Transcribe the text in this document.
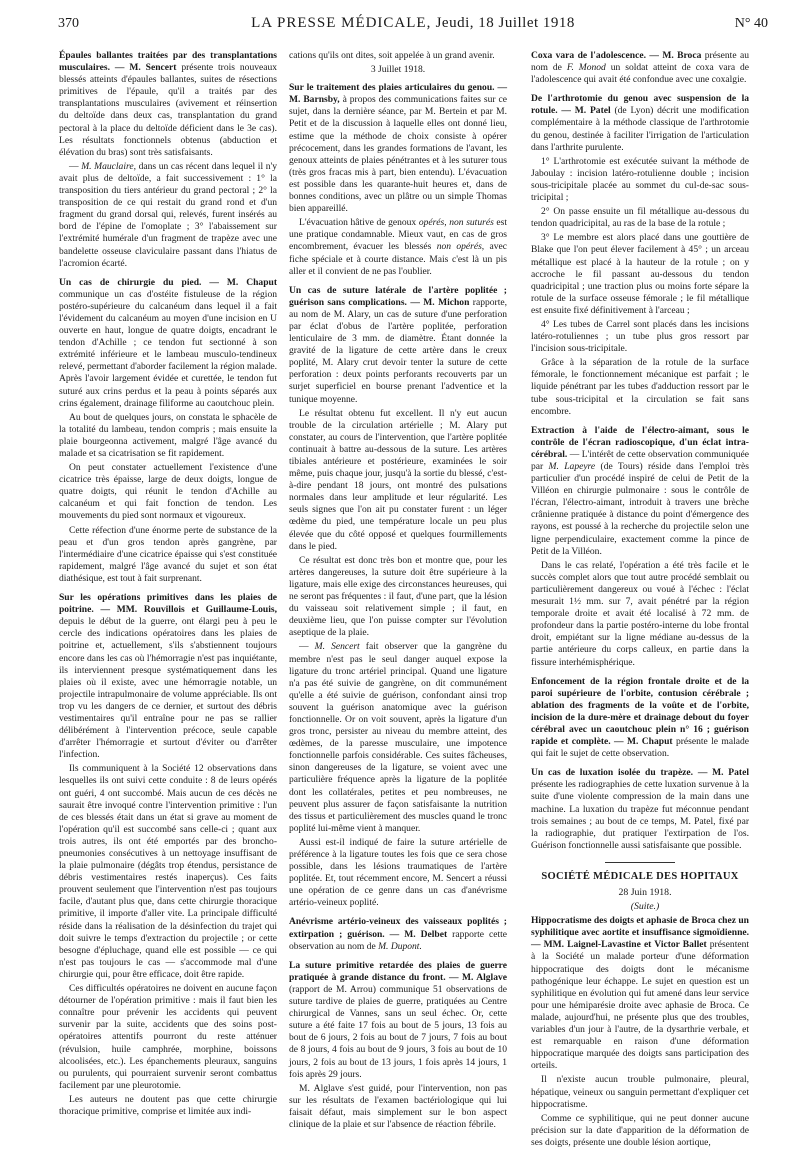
370	LA PRESSE MÉDICALE, Jeudi, 18 Juillet 1918	N° 40

Épaules ballantes traitées par des transplantations musculaires. — M. Sencert présente trois nouveaux blessés atteints d'épaules ballantes, suites de résections primitives de l'épaule, qu'il a traités par des transplantations musculaires (avivement et réinsertion du deltoïde dans deux cas, transplantation du grand pectoral à la place du deltoïde déficient dans le 3e cas). Les résultats fonctionnels obtenus (abduction et élévation du bras) sont très satisfaisants.

— M. Mauclaire, dans un cas récent dans lequel il n'y avait plus de deltoïde, a fait successivement : 1° la transposition du tiers antérieur du grand pectoral ; 2° la transposition de ce qui restait du grand rond et d'un fragment du grand dorsal qui, relevés, furent insérés au bord de l'épine de l'omoplate ; 3° l'abaissement sur l'extrémité humérale d'un fragment de trapèze avec une bandelette osseuse claviculaire passant dans l'hiatus de l'acromion écarté.

Un cas de chirurgie du pied. — M. Chaput communique un cas d'ostéite fistuleuse de la région postéro-supérieure du calcanéum dans lequel il a fait l'évidement du calcanéum au moyen d'une incision en U ouverte en haut, longue de quatre doigts, encadrant le tendon d'Achille ; ce tendon fut sectionné à son extrémité inférieure et le lambeau musculo-tendineux relevé, permettant d'aborder facilement la région malade. Après l'avoir largement évidée et curettée, le tendon fut suturé aux crins perdus et la peau à points séparés aux crins également, drainage filiforme au caoutchouc plein.

Au bout de quelques jours, on constata le sphacèle de la totalité du lambeau, tendon compris ; mais ensuite la plaie bourgeonna activement, malgré l'âge avancé du malade et sa cicatrisation se fit rapidement.

On peut constater actuellement l'existence d'une cicatrice très épaisse, large de deux doigts, longue de quatre doigts, qui réunit le tendon d'Achille au calcanéum et qui fait fonction de tendon. Les mouvements du pied sont normaux et vigoureux.

Cette réfection d'une énorme perte de substance de la peau et d'un gros tendon après gangrène, par l'intermédiaire d'une cicatrice épaisse qui s'est constituée rapidement, malgré l'âge avancé du sujet et son état diathésique, est tout à fait surprenant.

Sur les opérations primitives dans les plaies de poitrine. — MM. Rouvillois et Guillaume-Louis, depuis le début de la guerre, ont élargi peu à peu le cercle des indications opératoires dans les plaies de poitrine et, actuellement, s'ils s'abstiennent toujours encore dans les cas où l'hémorragie n'est pas inquiétante, ils interviennent presque systématiquement dans les plaies où il existe, avec une hémorragie notable, un projectile intrapulmonaire de volume appréciable. Ils ont trop vu les dangers de ce dernier, et surtout des débris vestimentaires qu'il entraîne pour ne pas se rallier délibérément à l'intervention précoce, seule capable d'arrêter l'hémorragie et surtout d'éviter ou d'arrêter l'infection.

Ils communiquent à la Société 12 observations dans lesquelles ils ont suivi cette conduite : 8 de leurs opérés ont guéri, 4 ont succombé. Mais aucun de ces décès ne saurait être invoqué contre l'intervention primitive : l'un de ces blessés était dans un état si grave au moment de l'opération qu'il est succombé sans celle-ci ; quant aux trois autres, ils ont été emportés par des broncho-pneumonies consécutives à un nettoyage insuffisant de la plaie pulmonaire (dégâts trop étendus, persistance de débris vestimentaires restés inaperçus). Ces faits prouvent seulement que l'intervention n'est pas toujours facile, d'autant plus que, dans cette chirurgie thoracique primitive, il importe d'aller vite. La principale difficulté réside dans la réalisation de la désinfection du trajet qui doit suivre le temps d'extraction du projectile ; or cette besogne d'épluchage, quand elle est possible — ce qui n'est pas toujours le cas — s'accommode mal d'une chirurgie qui, pour être efficace, doit être rapide.

Ces difficultés opératoires ne doivent en aucune façon détourner de l'opération primitive : mais il faut bien les connaître pour prévenir les accidents qui peuvent survenir par la suite, accidents que des soins post-opératoires attentifs pourront du reste atténuer (révulsion, huile camphrée, morphine, boissons alcoolisées, etc.). Les épanchements pleuraux, sanguins ou purulents, qui pourraient survenir seront combattus facilement par une pleurotomie.

Les auteurs ne doutent pas que cette chirurgie thoracique primitive, comprise et limitée aux indi-

cations qu'ils ont dites, soit appelée à un grand avenir.

3 Juillet 1918.

Sur le traitement des plaies articulaires du genou. — M. Barnsby, à propos des communications faites sur ce sujet, dans la dernière séance, par M. Bertein et par M. Petit et de la discussion à laquelle elles ont donné lieu, estime que la méthode de choix consiste à opérer précocement, dans les grandes formations de l'avant, les genoux atteints de plaies pénétrantes et à les suturer tous (très gros fracas mis à part, bien entendu). L'évacuation est possible dans les quarante-huit heures et, dans de bonnes conditions, avec un plâtre ou un simple Thomas bien appareillé.

L'évacuation hâtive de genoux opérés, non suturés est une pratique condamnable. Mieux vaut, en cas de gros encombrement, évacuer les blessés non opérés, avec fiche spéciale et à courte distance. Mais c'est là un pis aller et il convient de ne pas l'oublier.

Un cas de suture latérale de l'artère poplitée ; guérison sans complications. — M. Michon rapporte, au nom de M. Alary, un cas de suture d'une perforation par éclat d'obus de l'artère poplitée, perforation lenticulaire de 3 mm. de diamètre. Étant donnée la gravité de la ligature de cette artère dans le creux poplité, M. Alary crut devoir tenter la suture de cette perforation : deux points perforants recouverts par un surjet superficiel en bourse prenant l'adventice et la tunique moyenne.

Le résultat obtenu fut excellent. Il n'y eut aucun trouble de la circulation artérielle ; M. Alary put constater, au cours de l'intervention, que l'artère poplitée continuait à battre au-dessous de la suture. Les artères tibiales antérieure et postérieure, examinées le soir même, puis chaque jour, jusqu'à la sortie du blessé, c'est-à-dire pendant 18 jours, ont montré des pulsations normales dans leur amplitude et leur régularité. Les seuls signes que l'on ait pu constater furent : un léger œdème du pied, une température locale un peu plus élevée que du côté opposé et quelques fourmillements dans le pied.

Ce résultat est donc très bon et montre que, pour les artères dangereuses, la suture doit être supérieure à la ligature, mais elle exige des circonstances heureuses, qui ne seront pas fréquentes : il faut, d'une part, que la lésion du vaisseau soit relativement simple ; il faut, en deuxième lieu, que l'on puisse compter sur l'évolution aseptique de la plaie.

— M. Sencert fait observer que la gangrène du membre n'est pas le seul danger auquel expose la ligature du tronc artériel principal. Quand une ligature n'a pas été suivie de gangrène, on dit communément qu'elle a été suivie de guérison, confondant ainsi trop souvent la guérison anatomique avec la guérison fonctionnelle. Or on voit souvent, après la ligature d'un gros tronc, persister au niveau du membre atteint, des œdèmes, de la paresse musculaire, une impotence fonctionnelle parfois considérable. Ces suites fâcheuses, sinon dangereuses de la ligature, se voient avec une particulière fréquence après la ligature de la poplitée dont les collatérales, petites et peu nombreuses, ne peuvent plus assurer de façon satisfaisante la nutrition des tissus et particulièrement des muscles quand le tronc poplité lui-même vient à manquer.

Aussi est-il indiqué de faire la suture artérielle de préférence à la ligature toutes les fois que ce sera chose possible, dans les lésions traumatiques de l'artère poplitée. Et, tout récemment encore, M. Sencert a réussi une opération de ce genre dans un cas d'anévrisme artério-veineux poplité.

Anévrisme artério-veineux des vaisseaux poplités ; extirpation ; guérison. — M. Delbet rapporte cette observation au nom de M. Dupont.

La suture primitive retardée des plaies de guerre pratiquée à grande distance du front. — M. Alglave (rapport de M. Arrou) communique 51 observations de suture tardive de plaies de guerre, pratiquées au Centre chirurgical de Vannes, sans un seul échec. Or, cette suture a été faite 17 fois au bout de 5 jours, 13 fois au bout de 6 jours, 2 fois au bout de 7 jours, 7 fois au bout de 8 jours, 4 fois au bout de 9 jours, 3 fois au bout de 10 jours, 2 fois au bout de 13 jours, 1 fois après 14 jours, 1 fois après 29 jours.

M. Alglave s'est guidé, pour l'intervention, non pas sur les résultats de l'examen bactériologique qui lui faisait défaut, mais simplement sur le bon aspect clinique de la plaie et sur l'absence de réaction fébrile.

Coxa vara de l'adolescence. — M. Broca présente au nom de F. Monod un soldat atteint de coxa vara de l'adolescence qui avait été confondue avec une coxalgie.

De l'arthrotomie du genou avec suspension de la rotule. — M. Patel (de Lyon) décrit une modification complémentaire à la méthode classique de l'arthrotomie du genou, destinée à faciliter l'irrigation de l'articulation dans l'arthrite purulente.

1° L'arthrotomie est exécutée suivant la méthode de Jaboulay : incision latéro-rotulienne double ; incision sous-tricipitale placée au sommet du cul-de-sac sous-tricipital ;

2° On passe ensuite un fil métallique au-dessous du tendon quadricipital, au ras de la base de la rotule ;

3° Le membre est alors placé dans une gouttière de Blake que l'on peut élever facilement à 45° ; un arceau métallique est placé à la hauteur de la rotule ; on y accroche le fil passant au-dessous du tendon quadricipital ; une traction plus ou moins forte sépare la rotule de la surface osseuse fémorale ; le fil métallique est ensuite fixé définitivement à l'arceau ;

4° Les tubes de Carrel sont placés dans les incisions latéro-rotuliennes ; un tube plus gros ressort par l'incision sous-tricipitale.

Grâce à la séparation de la rotule de la surface fémorale, le fonctionnement mécanique est parfait ; le liquide pénétrant par les tubes d'adduction ressort par le tube sous-tricipital et la circulation se fait sans encombre.

Extraction à l'aide de l'électro-aimant, sous le contrôle de l'écran radioscopique, d'un éclat intra-cérébral. — L'intérêt de cette observation communiquée par M. Lapeyre (de Tours) réside dans l'emploi très particulier d'un procédé inspiré de celui de Petit de la Villéon en chirurgie pulmonaire : sous le contrôle de l'écran, l'électro-aimant, introduit à travers une brèche crânienne pratiquée à distance du point d'émergence des rayons, est poussé à la recherche du projectile selon une ligne perpendiculaire, exactement comme la pince de Petit de la Villéon.

Dans le cas relaté, l'opération a été très facile et le succès complet alors que tout autre procédé semblait ou particulièrement dangereux ou voué à l'échec : l'éclat mesurait 1½ mm. sur 7, avait pénétré par la région temporale droite et avait été localisé à 72 mm. de profondeur dans la partie postéro-interne du lobe frontal droit, empiétant sur la ligne médiane au-dessus de la partie antérieure du corps calleux, en partie dans la fissure interhémisphérique.

Enfoncement de la région frontale droite et de la paroi supérieure de l'orbite, contusion cérébrale ; ablation des fragments de la voûte et de l'orbite, incision de la dure-mère et drainage debout du foyer cérébral avec un caoutchouc plein n° 16 ; guérison rapide et complète. — M. Chaput présente le malade qui fait le sujet de cette observation.

Un cas de luxation isolée du trapèze. — M. Patel présente les radiographies de cette luxation survenue à la suite d'une violente compression de la main dans une machine. La luxation du trapèze fut méconnue pendant trois semaines ; au bout de ce temps, M. Patel, fixé par la radiographie, dut pratiquer l'extirpation de l'os. Guérison fonctionnelle aussi satisfaisante que possible.

SOCIÉTÉ MÉDICALE DES HOPITAUX

28 Juin 1918.

(Suite.)

Hippocratisme des doigts et aphasie de Broca chez un syphilitique avec aortite et insuffisance sigmoïdienne. — MM. Laignel-Lavastine et Victor Ballet présentent à la Société un malade porteur d'une déformation hippocratique des doigts dont le mécanisme pathogénique leur échappe. Le sujet en question est un syphilitique en évolution qui fut amené dans leur service pour une hémiparésie droite avec aphasie de Broca. Ce malade, aujourd'hui, ne présente plus que des troubles, variables d'un jour à l'autre, de la dysarthrie verbale, et est remarquable en raison d'une déformation hippocratique marquée des doigts sans participation des orteils.

Il n'existe aucun trouble pulmonaire, pleural, hépatique, veineux ou sanguin permettant d'expliquer cet hippocratisme.

Comme ce syphilitique, qui ne peut donner aucune précision sur la date d'apparition de la déformation de ses doigts, présente une double lésion aortique,
